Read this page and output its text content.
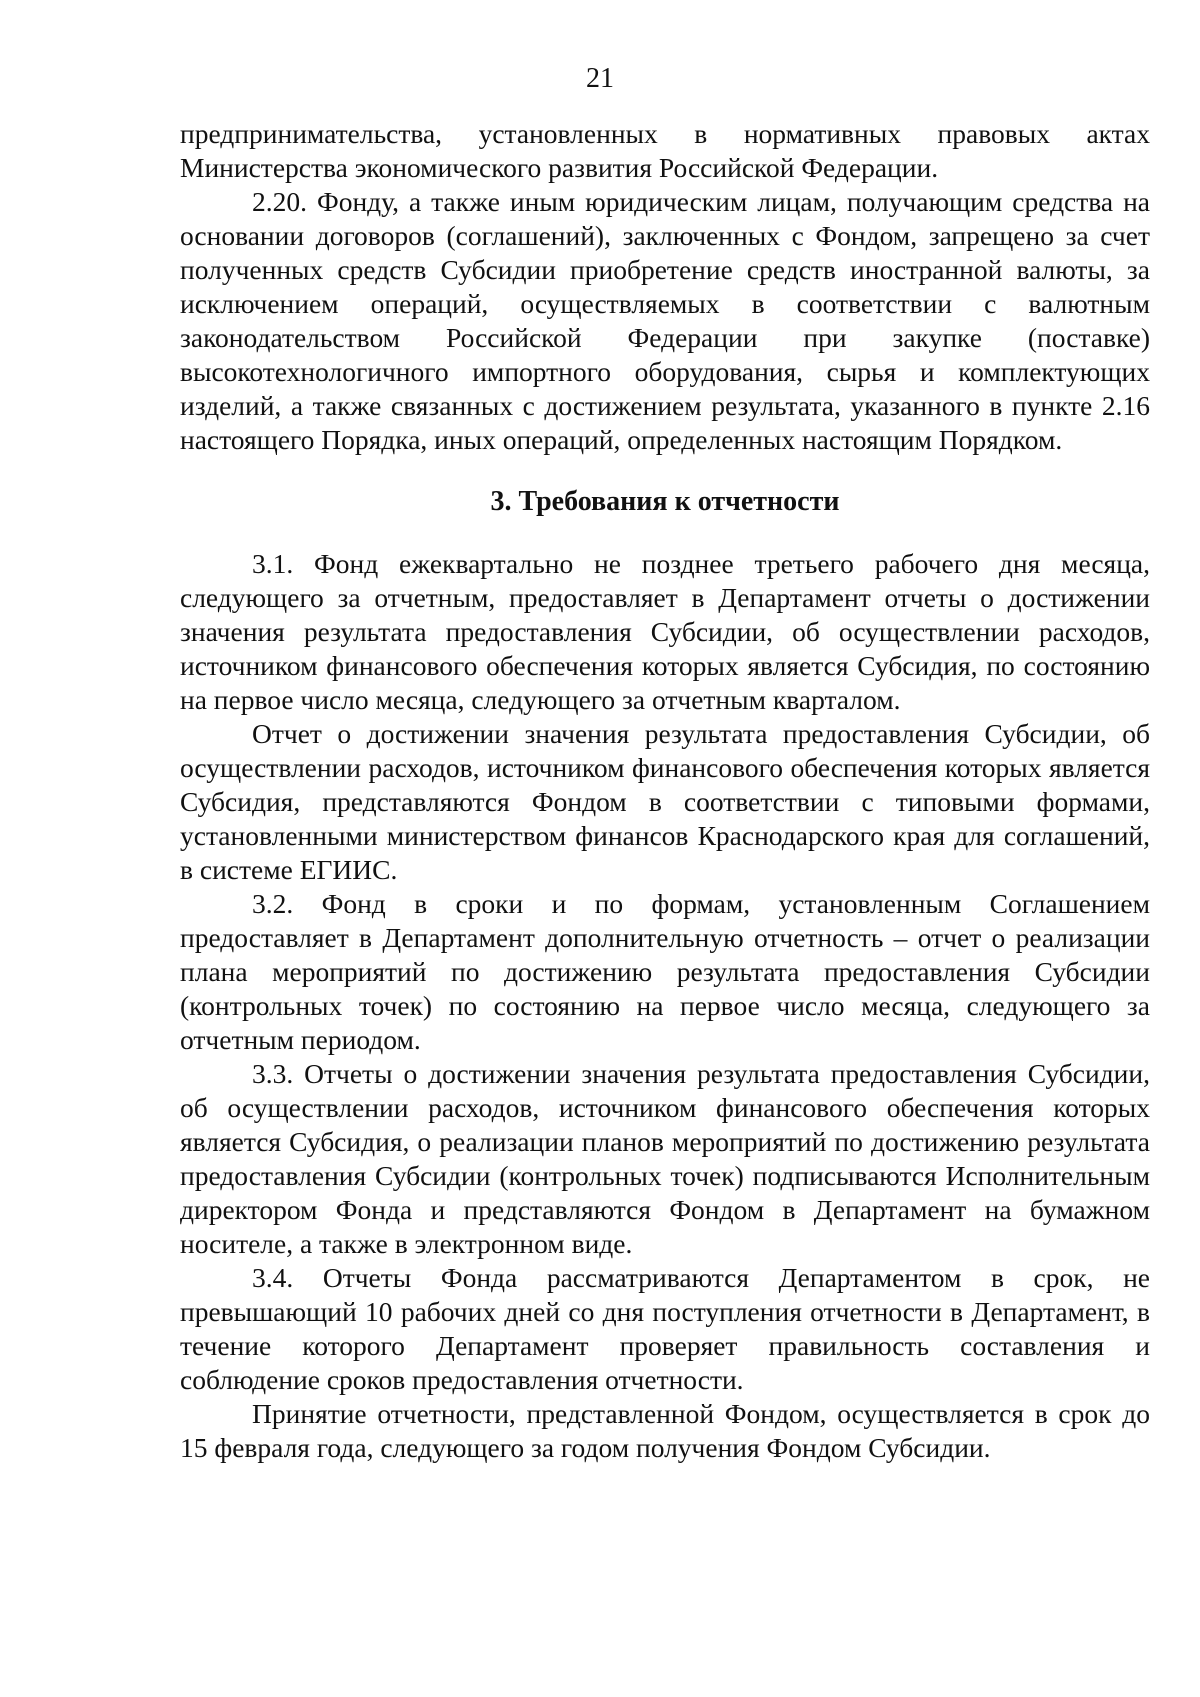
21

предпринимательства, установленных в нормативных правовых актах Министерства экономического развития Российской Федерации.

2.20. Фонду, а также иным юридическим лицам, получающим средства на основании договоров (соглашений), заключенных с Фондом, запрещено за счет полученных средств Субсидии приобретение средств иностранной валюты, за исключением операций, осуществляемых в соответствии с валютным законодательством Российской Федерации при закупке (поставке) высокотехнологичного импортного оборудования, сырья и комплектующих изделий, а также связанных с достижением результата, указанного в пункте 2.16 настоящего Порядка, иных операций, определенных настоящим Порядком.

3. Требования к отчетности

3.1. Фонд ежеквартально не позднее третьего рабочего дня месяца, следующего за отчетным, предоставляет в Департамент отчеты о достижении значения результата предоставления Субсидии, об осуществлении расходов, источником финансового обеспечения которых является Субсидия, по состоянию на первое число месяца, следующего за отчетным кварталом.

Отчет о достижении значения результата предоставления Субсидии, об осуществлении расходов, источником финансового обеспечения которых является Субсидия, представляются Фондом в соответствии с типовыми формами, установленными министерством финансов Краснодарского края для соглашений, в системе ЕГИИС.

3.2. Фонд в сроки и по формам, установленным Соглашением предоставляет в Департамент дополнительную отчетность – отчет о реализации плана мероприятий по достижению результата предоставления Субсидии (контрольных точек) по состоянию на первое число месяца, следующего за отчетным периодом.

3.3. Отчеты о достижении значения результата предоставления Субсидии, об осуществлении расходов, источником финансового обеспечения которых является Субсидия, о реализации планов мероприятий по достижению результата предоставления Субсидии (контрольных точек) подписываются Исполнительным директором Фонда и представляются Фондом в Департамент на бумажном носителе, а также в электронном виде.

3.4. Отчеты Фонда рассматриваются Департаментом в срок, не превышающий 10 рабочих дней со дня поступления отчетности в Департамент, в течение которого Департамент проверяет правильность составления и соблюдение сроков предоставления отчетности.

Принятие отчетности, представленной Фондом, осуществляется в срок до 15 февраля года, следующего за годом получения Фондом Субсидии.
